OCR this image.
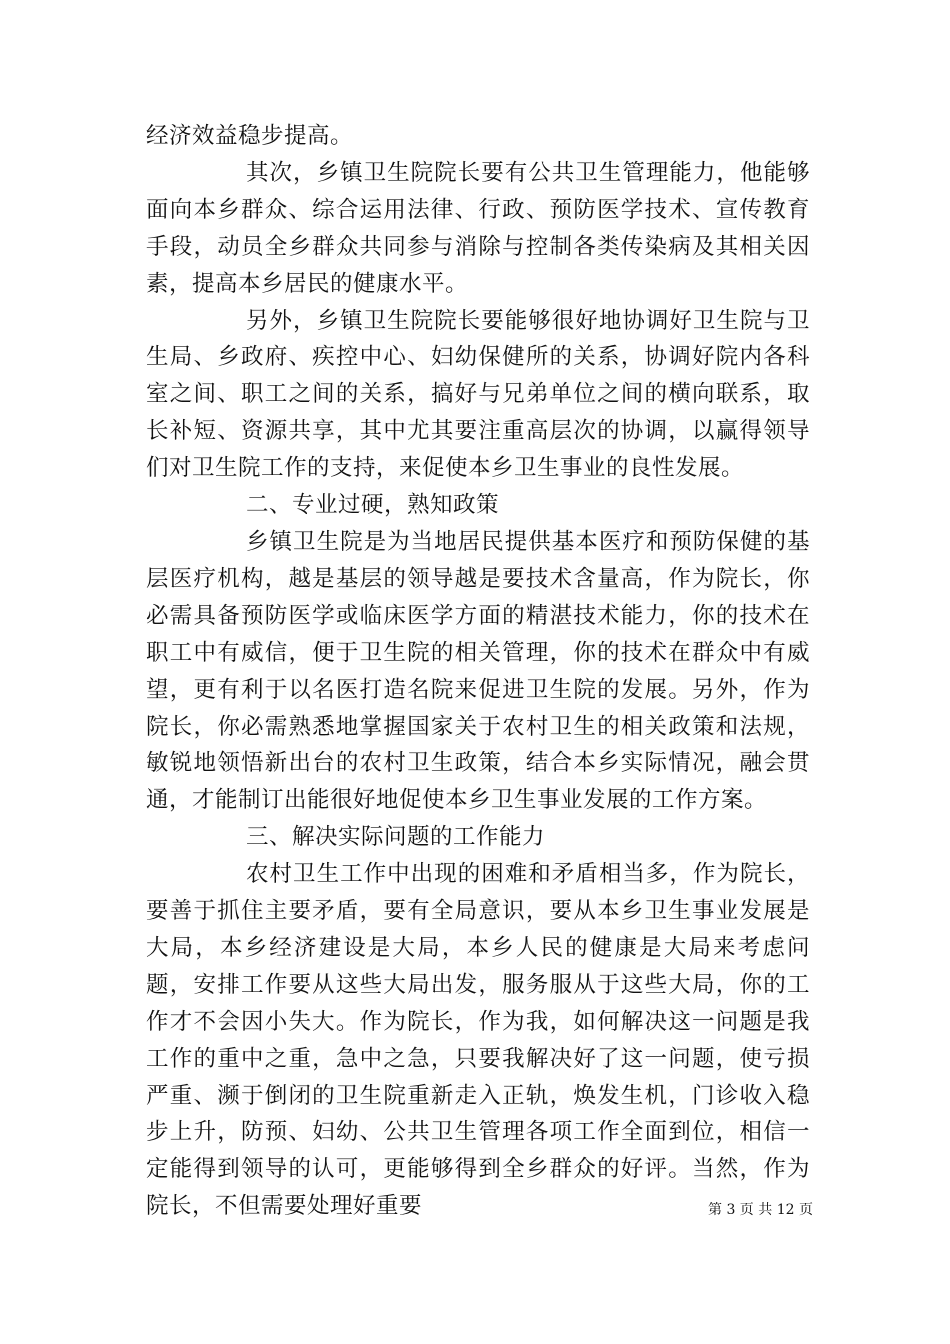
经济效益稳步提高。

其次，乡镇卫生院院长要有公共卫生管理能力，他能够面向本乡群众、综合运用法律、行政、预防医学技术、宣传教育手段，动员全乡群众共同参与消除与控制各类传染病及其相关因素，提高本乡居民的健康水平。

另外，乡镇卫生院院长要能够很好地协调好卫生院与卫生局、乡政府、疾控中心、妇幼保健所的关系，协调好院内各科室之间、职工之间的关系，搞好与兄弟单位之间的横向联系，取长补短、资源共享，其中尤其要注重高层次的协调，以赢得领导们对卫生院工作的支持，来促使本乡卫生事业的良性发展。

二、专业过硬，熟知政策

乡镇卫生院是为当地居民提供基本医疗和预防保健的基层医疗机构，越是基层的领导越是要技术含量高，作为院长，你必需具备预防医学或临床医学方面的精湛技术能力，你的技术在职工中有威信，便于卫生院的相关管理，你的技术在群众中有威望，更有利于以名医打造名院来促进卫生院的发展。另外，作为院长，你必需熟悉地掌握国家关于农村卫生的相关政策和法规，敏锐地领悟新出台的农村卫生政策，结合本乡实际情况，融会贯通，才能制订出能很好地促使本乡卫生事业发展的工作方案。

三、解决实际问题的工作能力

农村卫生工作中出现的困难和矛盾相当多，作为院长，要善于抓住主要矛盾，要有全局意识，要从本乡卫生事业发展是大局，本乡经济建设是大局，本乡人民的健康是大局来考虑问题，安排工作要从这些大局出发，服务服从于这些大局，你的工作才不会因小失大。作为院长，作为我，如何解决这一问题是我工作的重中之重，急中之急，只要我解决好了这一问题，使亏损严重、濒于倒闭的卫生院重新走入正轨，焕发生机，门诊收入稳步上升，防预、妇幼、公共卫生管理各项工作全面到位，相信一定能得到领导的认可，更能够得到全乡群众的好评。当然，作为院长，不但需要处理好重要	第 3 页 共 12 页
